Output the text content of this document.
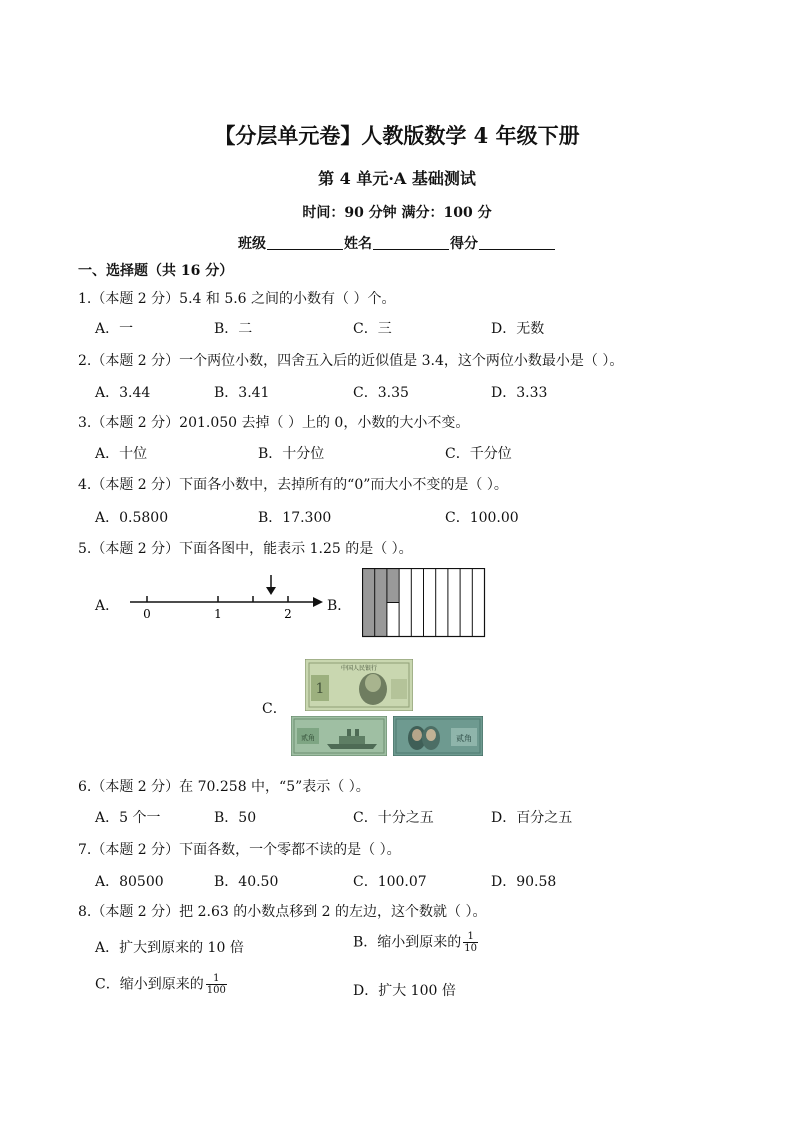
【分层单元卷】人教版数学 4 年级下册
第 4 单元·A 基础测试
时间：90 分钟 满分：100 分
班级	姓名	得分
一、选择题（共 16 分）
1.（本题 2 分）5.4 和 5.6 之间的小数有（ ）个。
A．一	B．二	C．三	D．无数
2.（本题 2 分）一个两位小数，四舍五入后的近似值是 3.4，这个两位小数最小是（ ）。
A．3.44	B．3.41	C．3.35	D．3.33
3.（本题 2 分）201.050 去掉（ ）上的 0，小数的大小不变。
A．十位	B．十分位	C．千分位
4.（本题 2 分）下面各小数中，去掉所有的“0”而大小不变的是（ ）。
A．0.5800	B．17.300	C．100.00
5.（本题 2 分）下面各图中，能表示 1.25 的是（ ）。
A． 0	1	2	B．
C．
1
中国人民银行
贰角	贰角
6.（本题 2 分）在 70.258 中，“5”表示（ ）。
A．5 个一	B．50	C．十分之五	D．百分之五
7.（本题 2 分）下面各数，一个零都不读的是（ ）。
A．80500	B．40.50	C．100.07	D．90.58
8.（本题 2 分）把 2.63 的小数点移到 2 的左边，这个数就（ ）。
A．扩大到原来的 10 倍	B．缩小到原来的 $\frac{1}{10}$
C．缩小到原来的 $\frac{1}{100}$	D．扩大 100 倍
